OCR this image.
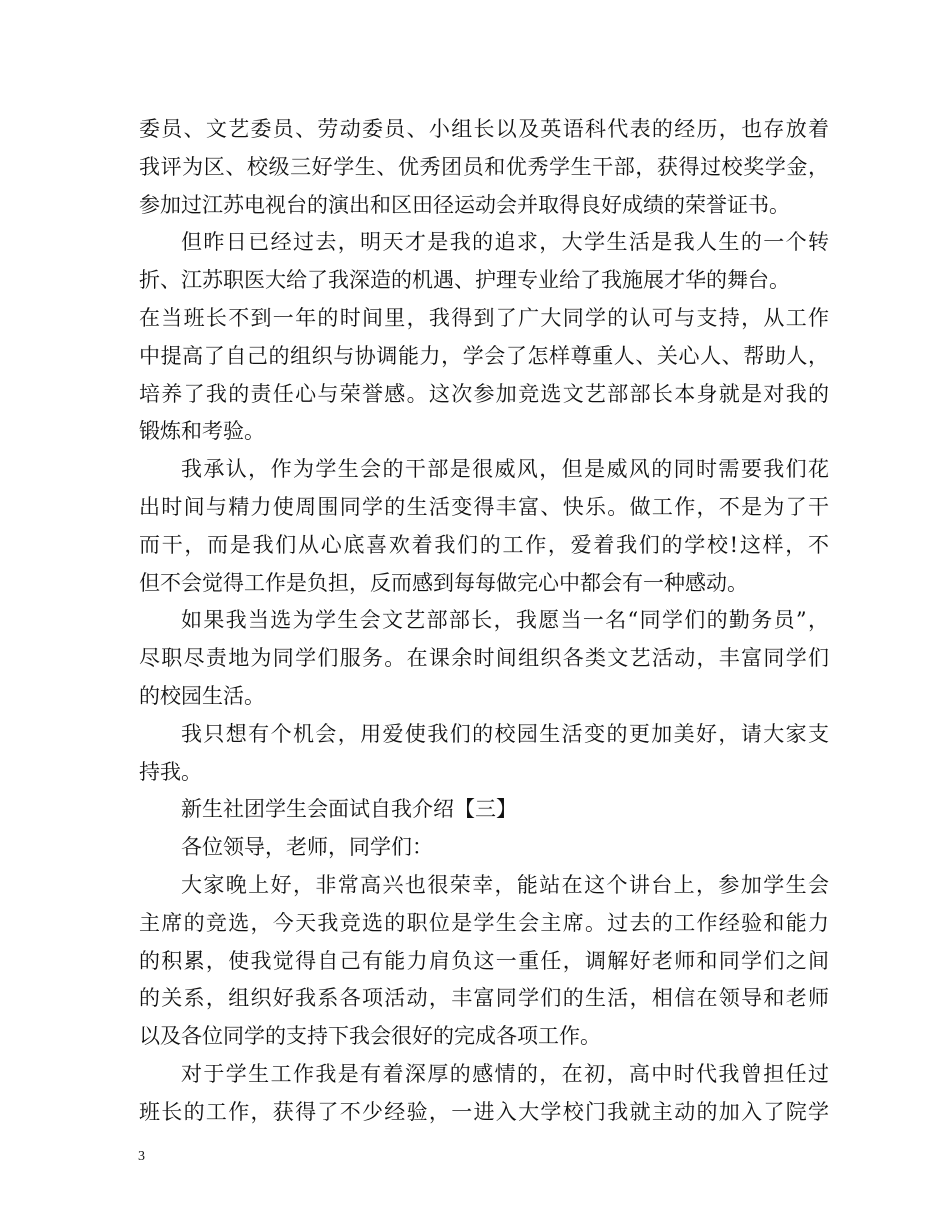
委员、文艺委员、劳动委员、小组长以及英语科代表的经历，也存放着
我评为区、校级三好学生、优秀团员和优秀学生干部，获得过校奖学金，
参加过江苏电视台的演出和区田径运动会并取得良好成绩的荣誉证书。
但昨日已经过去，明天才是我的追求，大学生活是我人生的一个转
折、江苏职医大给了我深造的机遇、护理专业给了我施展才华的舞台。
在当班长不到一年的时间里，我得到了广大同学的认可与支持，从工作
中提高了自己的组织与协调能力，学会了怎样尊重人、关心人、帮助人，
培养了我的责任心与荣誉感。这次参加竞选文艺部部长本身就是对我的
锻炼和考验。
我承认，作为学生会的干部是很威风，但是威风的同时需要我们花
出时间与精力使周围同学的生活变得丰富、快乐。做工作，不是为了干
而干，而是我们从心底喜欢着我们的工作，爱着我们的学校!这样，不
但不会觉得工作是负担，反而感到每每做完心中都会有一种感动。
如果我当选为学生会文艺部部长，我愿当一名“同学们的勤务员”，
尽职尽责地为同学们服务。在课余时间组织各类文艺活动，丰富同学们
的校园生活。
我只想有个机会，用爱使我们的校园生活变的更加美好，请大家支
持我。
新生社团学生会面试自我介绍【三】
各位领导，老师，同学们：
大家晚上好，非常高兴也很荣幸，能站在这个讲台上，参加学生会
主席的竞选，今天我竞选的职位是学生会主席。过去的工作经验和能力
的积累，使我觉得自己有能力肩负这一重任，调解好老师和同学们之间
的关系，组织好我系各项活动，丰富同学们的生活，相信在领导和老师
以及各位同学的支持下我会很好的完成各项工作。
对于学生工作我是有着深厚的感情的，在初，高中时代我曾担任过
班长的工作，获得了不少经验，一进入大学校门我就主动的加入了院学
3
